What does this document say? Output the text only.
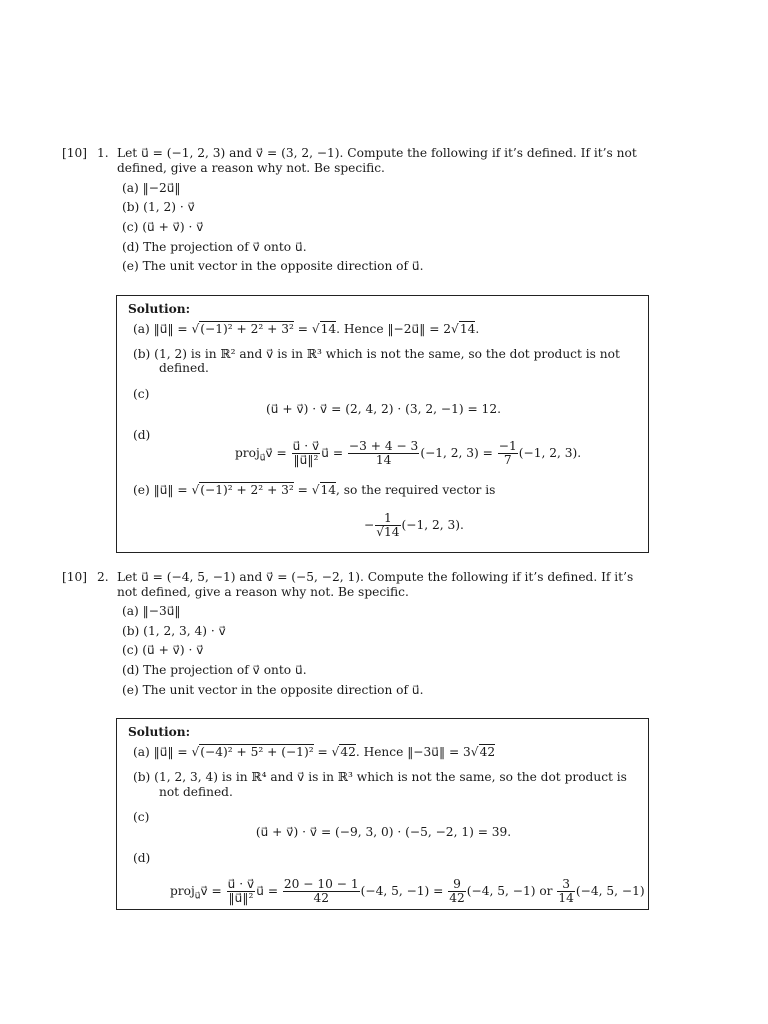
[10] 1. Let u⃗ = (−1, 2, 3) and v⃗ = (3, 2, −1). Compute the following if it’s defined. If it’s not
defined, give a reason why not. Be specific.
(a) ‖−2u⃗‖
(b) (1, 2) · v⃗
(c) (u⃗ + v⃗) · v⃗
(d) The projection of v⃗ onto u⃗.
(e) The unit vector in the opposite direction of u⃗.
Solution:
(a) ‖u⃗‖ = √(−1)² + 2² + 3² = √14. Hence ‖−2u⃗‖ = 2√14.
(b) (1, 2) is in ℝ² and v⃗ is in ℝ³ which is not the same, so the dot product is not
defined.
(c)
(u⃗ + v⃗) · v⃗ = (2, 4, 2) · (3, 2, −1) = 12.
(d)
proj$_{u⃗}$v⃗ = $\frac{u⃗ \cdot v⃗}{\text{‖u⃗‖²}}$ u⃗ = $\frac{-3 + 4 - 3}{14} (-1$, 2, $3) = \frac{-1}{7} (-1$, 2, 3).
(e) ‖u⃗‖ = √(−1)² + 2² + 3² = √14, so the required vector is
− $\frac{1}{√14} (-1$, 2, 3).
[10] 2. Let u⃗ = (−4, 5, −1) and v⃗ = (−5, −2, 1). Compute the following if it’s defined. If it’s
not defined, give a reason why not. Be specific.
(a) ‖−3u⃗‖
(b) (1, 2, 3, 4) · v⃗
(c) (u⃗ + v⃗) · v⃗
(d) The projection of v⃗ onto u⃗.
(e) The unit vector in the opposite direction of u⃗.
Solution:
(a) ‖u⃗‖ = √(−4)² + 5² + (−1)² = √42. Hence ‖−3u⃗‖ = 3√42
(b) (1, 2, 3, 4) is in ℝ⁴ and v⃗ is in ℝ³ which is not the same, so the dot product is
not defined.
(c)
(u⃗ + v⃗) · v⃗ = (−9, 3, 0) · (−5, −2, 1) = 39.
(d)
proj$_{u⃗}$v⃗ = $\frac{u⃗ \cdot v⃗}{\text{‖u⃗‖²}}$ u⃗ = $\frac{20 - 10 - 1}{42} (-4$, 5, $-1) = \frac{9}{42} (-4$, 5, −1) or $\frac{3}{14} (-4$, 5, −1)
